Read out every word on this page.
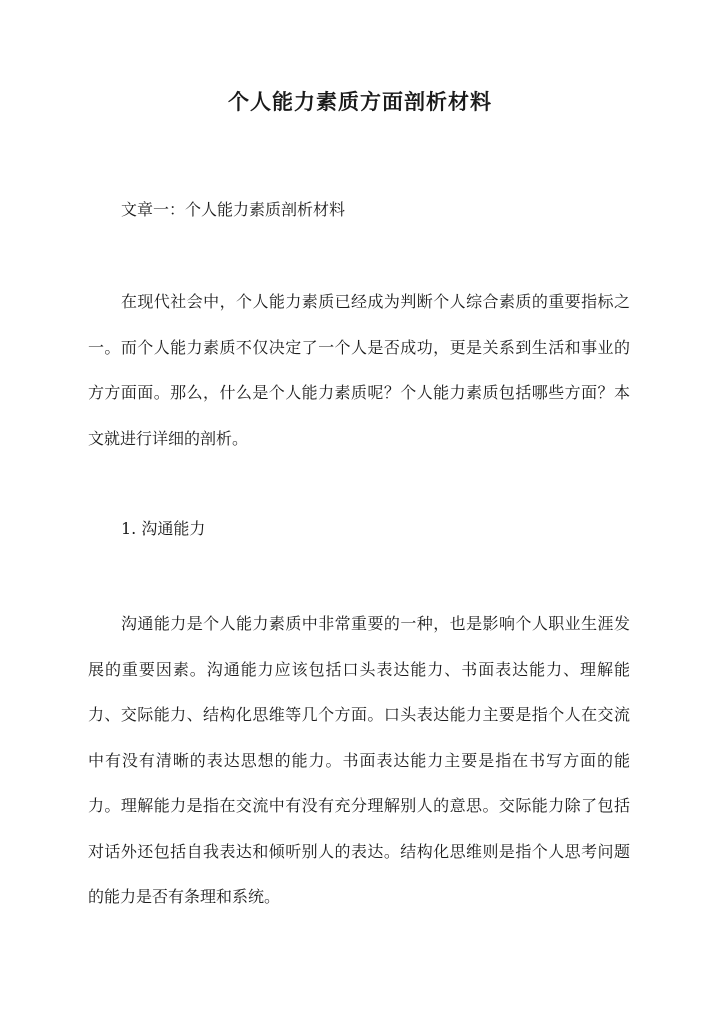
个人能力素质方面剖析材料

文章一：个人能力素质剖析材料

在现代社会中，个人能力素质已经成为判断个人综合素质的重要指标之一。而个人能力素质不仅决定了一个人是否成功，更是关系到生活和事业的方方面面。那么，什么是个人能力素质呢？个人能力素质包括哪些方面？本文就进行详细的剖析。

1. 沟通能力

沟通能力是个人能力素质中非常重要的一种，也是影响个人职业生涯发展的重要因素。沟通能力应该包括口头表达能力、书面表达能力、理解能力、交际能力、结构化思维等几个方面。口头表达能力主要是指个人在交流中有没有清晰的表达思想的能力。书面表达能力主要是指在书写方面的能力。理解能力是指在交流中有没有充分理解别人的意思。交际能力除了包括对话外还包括自我表达和倾听别人的表达。结构化思维则是指个人思考问题的能力是否有条理和系统。
